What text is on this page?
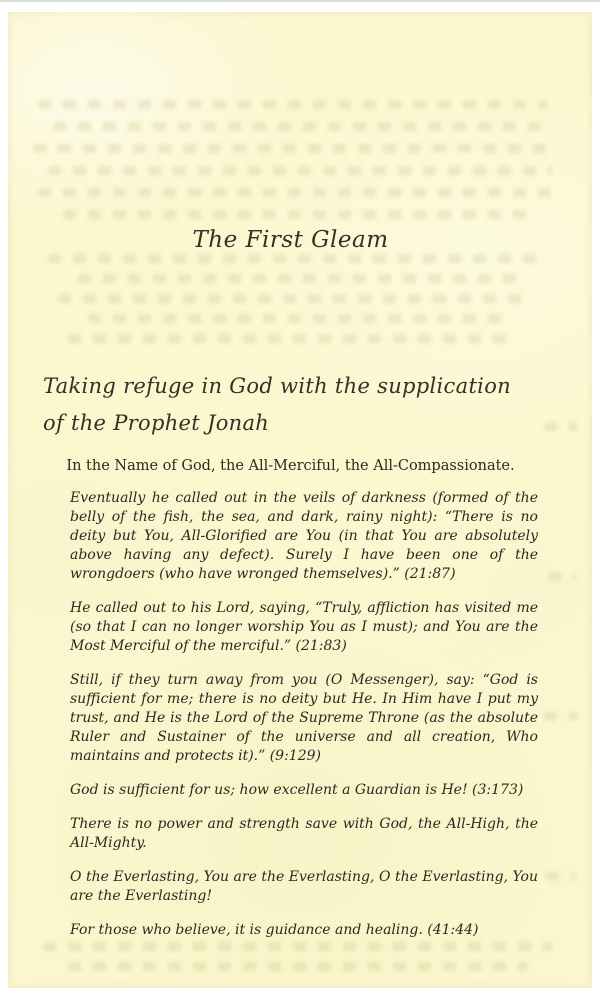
The First Gleam
Taking refuge in God with the supplication
of the Prophet Jonah
In the Name of God, the All-Merciful, the All-Compassionate.

Eventually he called out in the veils of darkness (formed of the belly of the fish, the sea, and dark, rainy night): “There is no deity but You, All-Glorified are You (in that You are absolutely above having any defect). Surely I have been one of the wrongdoers (who have wronged themselves).” (21:87)

He called out to his Lord, saying, “Truly, affliction has visited me (so that I can no longer worship You as I must); and You are the Most Merciful of the merciful.” (21:83)

Still, if they turn away from you (O Messenger), say: “God is sufficient for me; there is no deity but He. In Him have I put my trust, and He is the Lord of the Supreme Throne (as the absolute Ruler and Sustainer of the universe and all creation, Who maintains and protects it).” (9:129)

God is sufficient for us; how excellent a Guardian is He! (3:173)

There is no power and strength save with God, the All-High, the All-Mighty.

O the Everlasting, You are the Everlasting, O the Everlasting, You are the Everlasting!

For those who believe, it is guidance and healing. (41:44)
